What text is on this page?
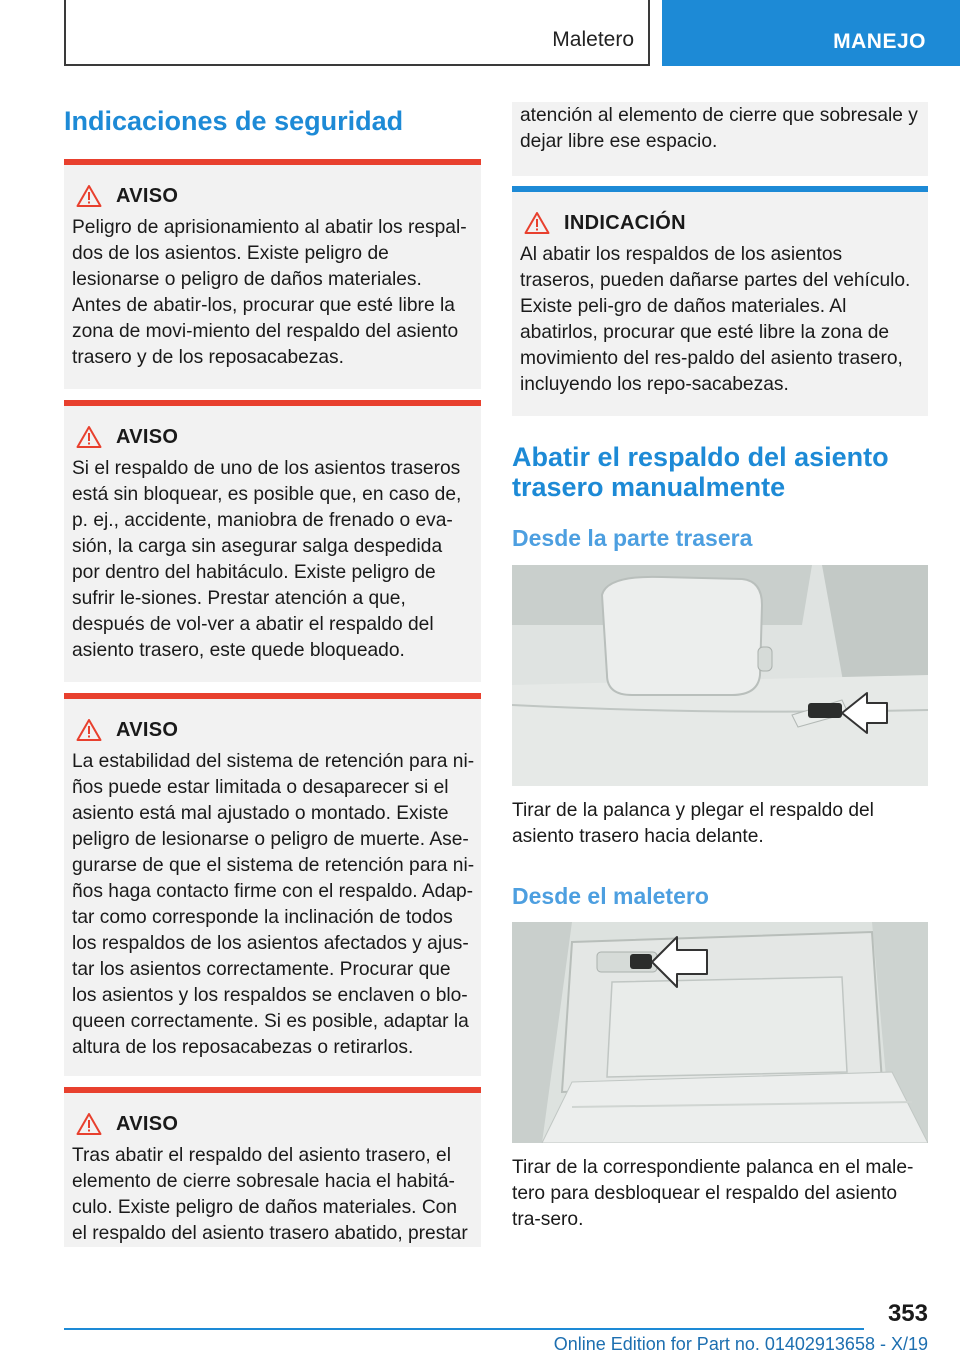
Maletero	MANEJO
Indicaciones de seguridad
AVISO
Peligro de aprisionamiento al abatir los respal-dos de los asientos. Existe peligro de lesionarse o peligro de daños materiales. Antes de abatir-los, procurar que esté libre la zona de movi-miento del respaldo del asiento trasero y de los reposacabezas.
AVISO
Si el respaldo de uno de los asientos traseros está sin bloquear, es posible que, en caso de, p. ej., accidente, maniobra de frenado o eva-sión, la carga sin asegurar salga despedida por dentro del habitáculo. Existe peligro de sufrir le-siones. Prestar atención a que, después de vol-ver a abatir el respaldo del asiento trasero, este quede bloqueado.
AVISO
La estabilidad del sistema de retención para ni-ños puede estar limitada o desaparecer si el asiento está mal ajustado o montado. Existe peligro de lesionarse o peligro de muerte. Ase-gurarse de que el sistema de retención para ni-ños haga contacto firme con el respaldo. Adap-tar como corresponde la inclinación de todos los respaldos de los asientos afectados y ajus-tar los asientos correctamente. Procurar que los asientos y los respaldos se enclaven o blo-queen correctamente. Si es posible, adaptar la altura de los reposacabezas o retirarlos.
AVISO
Tras abatir el respaldo del asiento trasero, el elemento de cierre sobresale hacia el habitá-culo. Existe peligro de daños materiales. Con el respaldo del asiento trasero abatido, prestar
atención al elemento de cierre que sobresale y dejar libre ese espacio.
INDICACIÓN
Al abatir los respaldos de los asientos traseros, pueden dañarse partes del vehículo. Existe peli-gro de daños materiales. Al abatirlos, procurar que esté libre la zona de movimiento del res-paldo del asiento trasero, incluyendo los repo-sacabezas.
Abatir el respaldo del asiento trasero manualmente
Desde la parte trasera
Tirar de la palanca y plegar el respaldo del asiento trasero hacia delante.
Desde el maletero
Tirar de la correspondiente palanca en el male-tero para desbloquear el respaldo del asiento tra-sero.
353
Online Edition for Part no. 01402913658 - X/19
